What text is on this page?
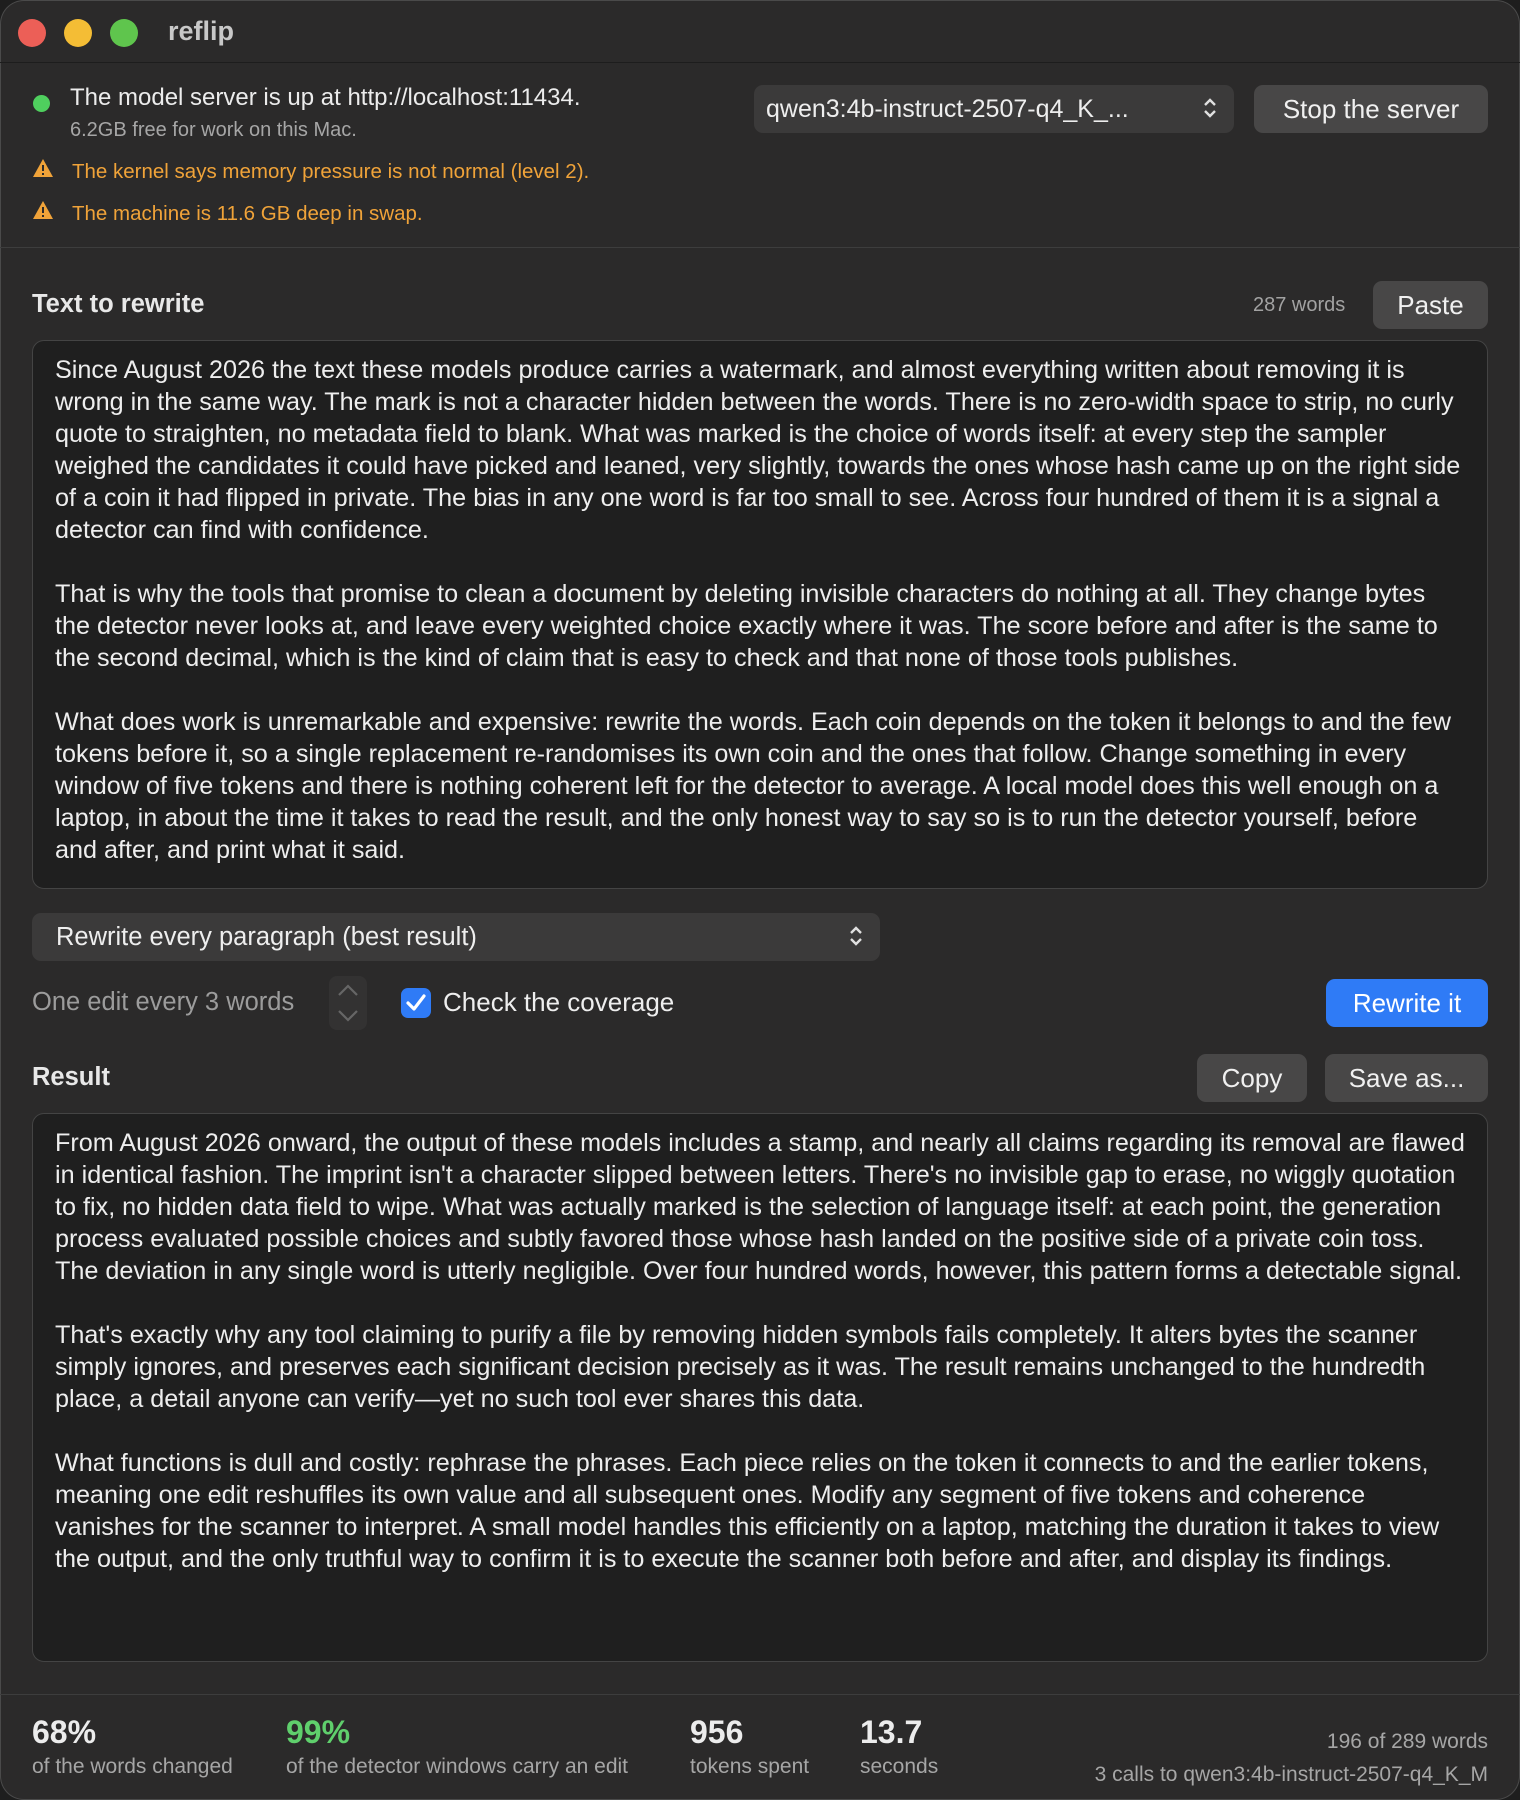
reflip
The model server is up at http://localhost:11434.
6.2GB free for work on this Mac.
The kernel says memory pressure is not normal (level 2).
The machine is 11.6 GB deep in swap.
qwen3:4b-instruct-2507-q4_K_...	Stop the server
Text to rewrite	287 words	Paste

Since August 2026 the text these models produce carries a watermark, and almost everything written about removing it is wrong in the same way. The mark is not a character hidden between the words. There is no zero-width space to strip, no curly quote to straighten, no metadata field to blank. What was marked is the choice of words itself: at every step the sampler weighed the candidates it could have picked and leaned, very slightly, towards the ones whose hash came up on the right side of a coin it had flipped in private. The bias in any one word is far too small to see. Across four hundred of them it is a signal a detector can find with confidence.

That is why the tools that promise to clean a document by deleting invisible characters do nothing at all. They change bytes the detector never looks at, and leave every weighted choice exactly where it was. The score before and after is the same to the second decimal, which is the kind of claim that is easy to check and that none of those tools publishes.

What does work is unremarkable and expensive: rewrite the words. Each coin depends on the token it belongs to and the few tokens before it, so a single replacement re-randomises its own coin and the ones that follow. Change something in every window of five tokens and there is nothing coherent left for the detector to average. A local model does this well enough on a laptop, in about the time it takes to read the result, and the only honest way to say so is to run the detector yourself, before and after, and print what it said.

Rewrite every paragraph (best result)
One edit every 3 words	Check the coverage	Rewrite it
Result	Copy	Save as...

From August 2026 onward, the output of these models includes a stamp, and nearly all claims regarding its removal are flawed in identical fashion. The imprint isn't a character slipped between letters. There's no invisible gap to erase, no wiggly quotation to fix, no hidden data field to wipe. What was actually marked is the selection of language itself: at each point, the generation process evaluated possible choices and subtly favored those whose hash landed on the positive side of a private coin toss. The deviation in any single word is utterly negligible. Over four hundred words, however, this pattern forms a detectable signal.

That's exactly why any tool claiming to purify a file by removing hidden symbols fails completely. It alters bytes the scanner simply ignores, and preserves each significant decision precisely as it was. The result remains unchanged to the hundredth place, a detail anyone can verify—yet no such tool ever shares this data.

What functions is dull and costly: rephrase the phrases. Each piece relies on the token it connects to and the earlier tokens, meaning one edit reshuffles its own value and all subsequent ones. Modify any segment of five tokens and coherence vanishes for the scanner to interpret. A small model handles this efficiently on a laptop, matching the duration it takes to view the output, and the only truthful way to confirm it is to execute the scanner both before and after, and display its findings.

68%
of the words changed
99%
of the detector windows carry an edit
956
tokens spent
13.7
seconds
196 of 289 words
3 calls to qwen3:4b-instruct-2507-q4_K_M
